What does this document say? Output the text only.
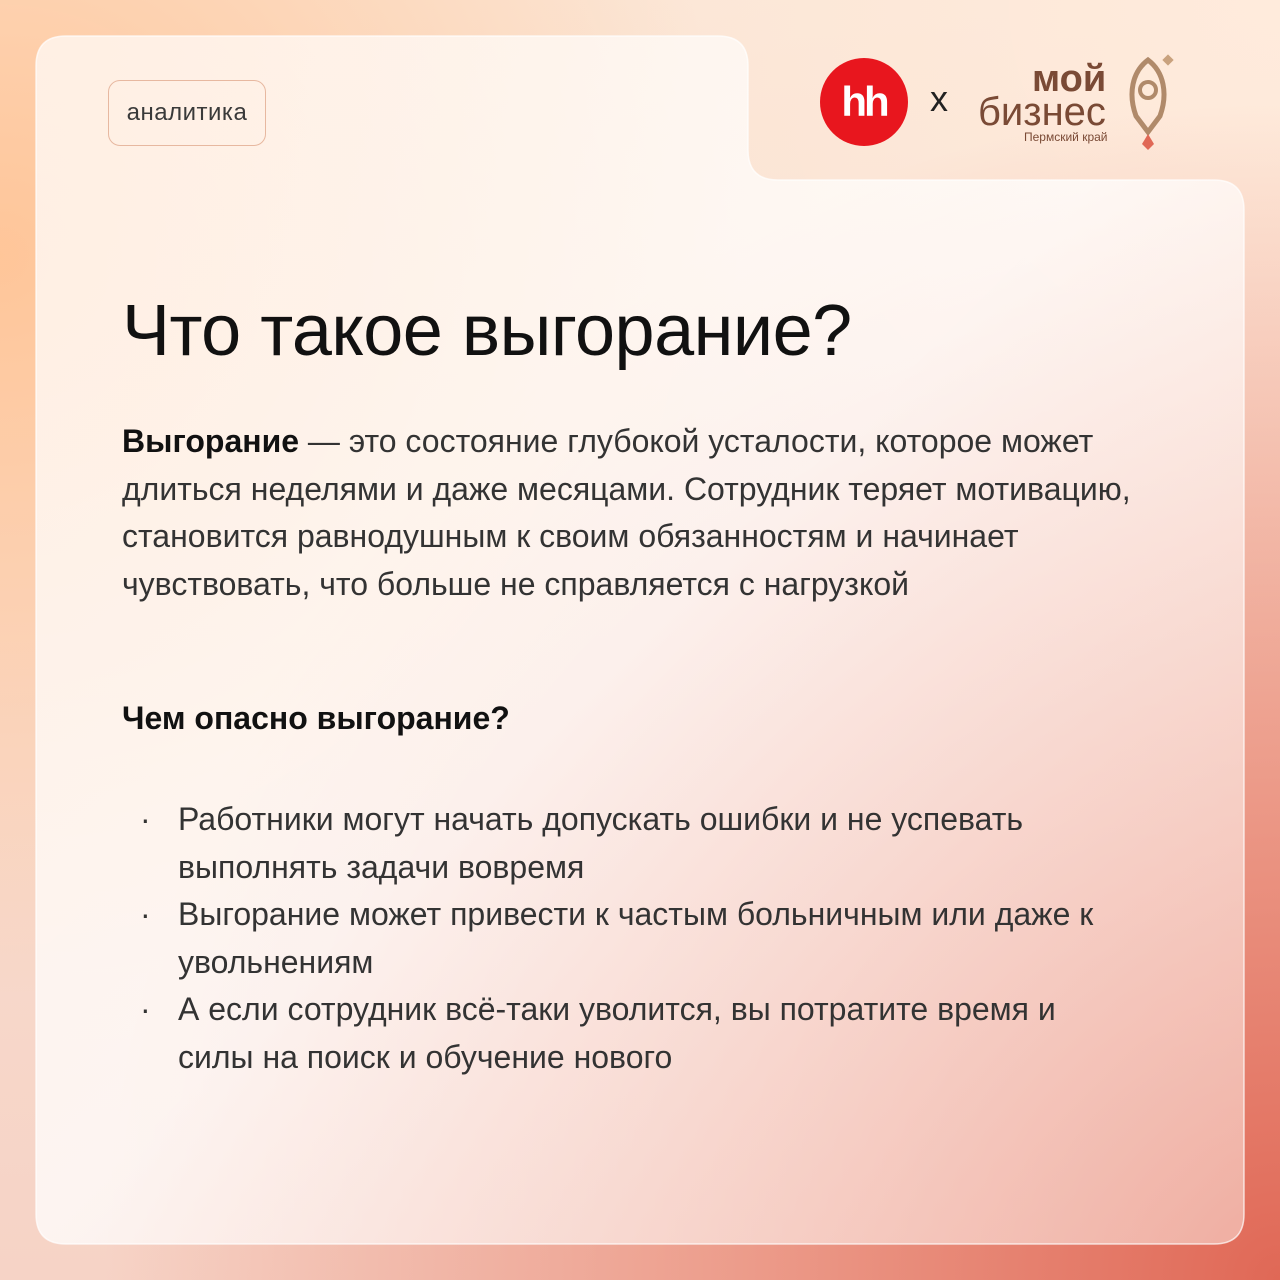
аналитика	hh	x мой
бизнес
Пермский край
Что такое выгорание?

Выгорание — это состояние глубокой усталости, которое может длиться неделями и даже месяцами. Сотрудник теряет мотивацию, становится равнодушным к своим обязанностям и начинает чувствовать, что больше не справляется с нагрузкой

Чем опасно выгорание?
· Работники могут начать допускать ошибки и не успевать выполнять задачи вовремя
· Выгорание может привести к частым больничным или даже к увольнениям
· А если сотрудник всё-таки уволится, вы потратите время и силы на поиск и обучение нового
